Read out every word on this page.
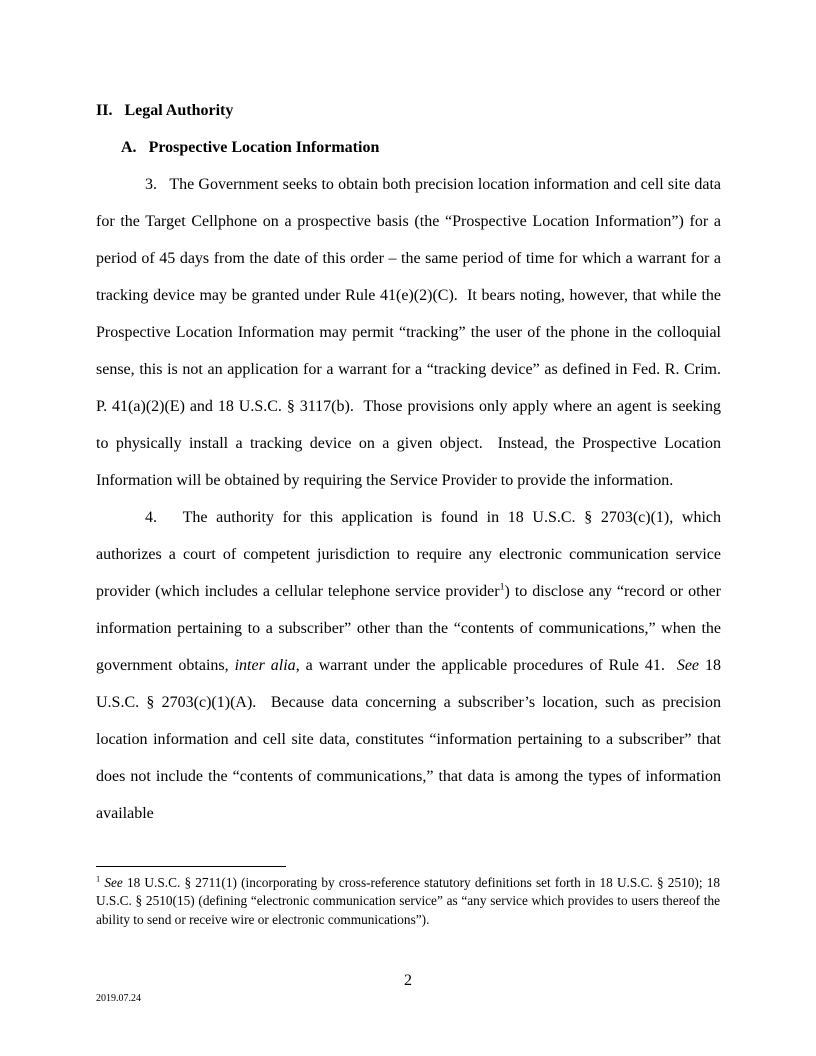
II. Legal Authority
A. Prospective Location Information

3.   The Government seeks to obtain both precision location information and cell site data for the Target Cellphone on a prospective basis (the “Prospective Location Information”) for a period of 45 days from the date of this order – the same period of time for which a warrant for a tracking device may be granted under Rule 41(e)(2)(C).  It bears noting, however, that while the Prospective Location Information may permit “tracking” the user of the phone in the colloquial sense, this is not an application for a warrant for a “tracking device” as defined in Fed. R. Crim. P. 41(a)(2)(E) and 18 U.S.C. § 3117(b).  Those provisions only apply where an agent is seeking to physically install a tracking device on a given object.  Instead, the Prospective Location Information will be obtained by requiring the Service Provider to provide the information.

4.   The authority for this application is found in 18 U.S.C. § 2703(c)(1), which authorizes a court of competent jurisdiction to require any electronic communication service provider (which includes a cellular telephone service provider$^1$) to disclose any “record or other information pertaining to a subscriber” other than the “contents of communications,” when the government obtains, inter alia, a warrant under the applicable procedures of Rule 41.  See 18 U.S.C. § 2703(c)(1)(A).  Because data concerning a subscriber’s location, such as precision location information and cell site data, constitutes “information pertaining to a subscriber” that does not include the “contents of communications,” that data is among the types of information available

$^1$ See 18 U.S.C. § 2711(1) (incorporating by cross-reference statutory definitions set forth in 18 U.S.C. § 2510); 18 U.S.C. § 2510(15) (defining “electronic communication service” as “any service which provides to users thereof the ability to send or receive wire or electronic communications”).

2
2019.07.24
